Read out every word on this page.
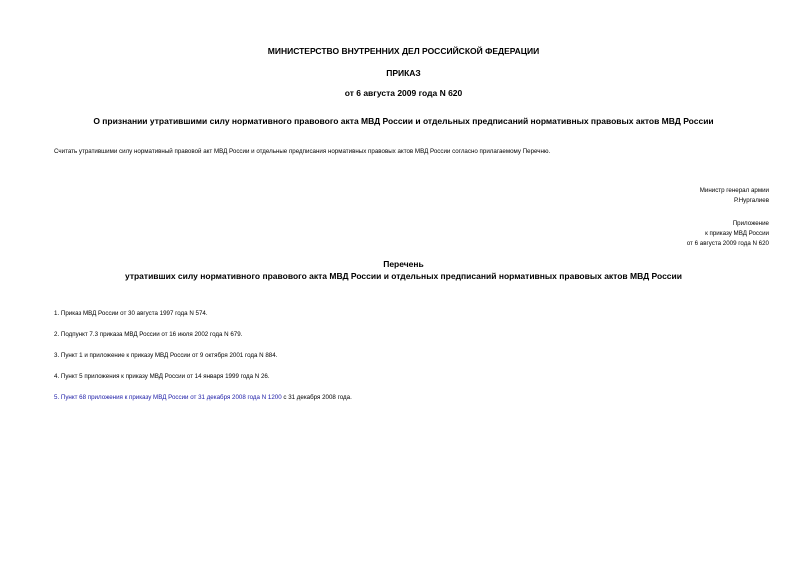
МИНИСТЕРСТВО ВНУТРЕННИХ ДЕЛ РОССИЙСКОЙ ФЕДЕРАЦИИ
ПРИКАЗ
от 6 августа 2009 года N 620
О признании утратившими силу нормативного правового акта МВД России и отдельных предписаний нормативных правовых актов МВД России
Считать утратившими силу нормативный правовой акт МВД России и отдельные предписания нормативных правовых актов МВД России согласно прилагаемому Перечню.
Министр генерал армии
Р.Нургалиев
Приложение
к приказу МВД России
от 6 августа 2009 года N 620
Перечень
утративших силу нормативного правового акта МВД России и отдельных предписаний нормативных правовых актов МВД России
1. Приказ МВД России от 30 августа 1997 года N 574.
2. Подпункт 7.3 приказа МВД России от 16 июля 2002 года N 679.
3. Пункт 1 и приложение к приказу МВД России от 9 октября 2001 года N 884.
4. Пункт 5 приложения к приказу МВД России от 14 января 1999 года N 26.
5. Пункт 68 приложения к приказу МВД России от 31 декабря 2008 года N 1200 с 31 декабря 2008 года.
